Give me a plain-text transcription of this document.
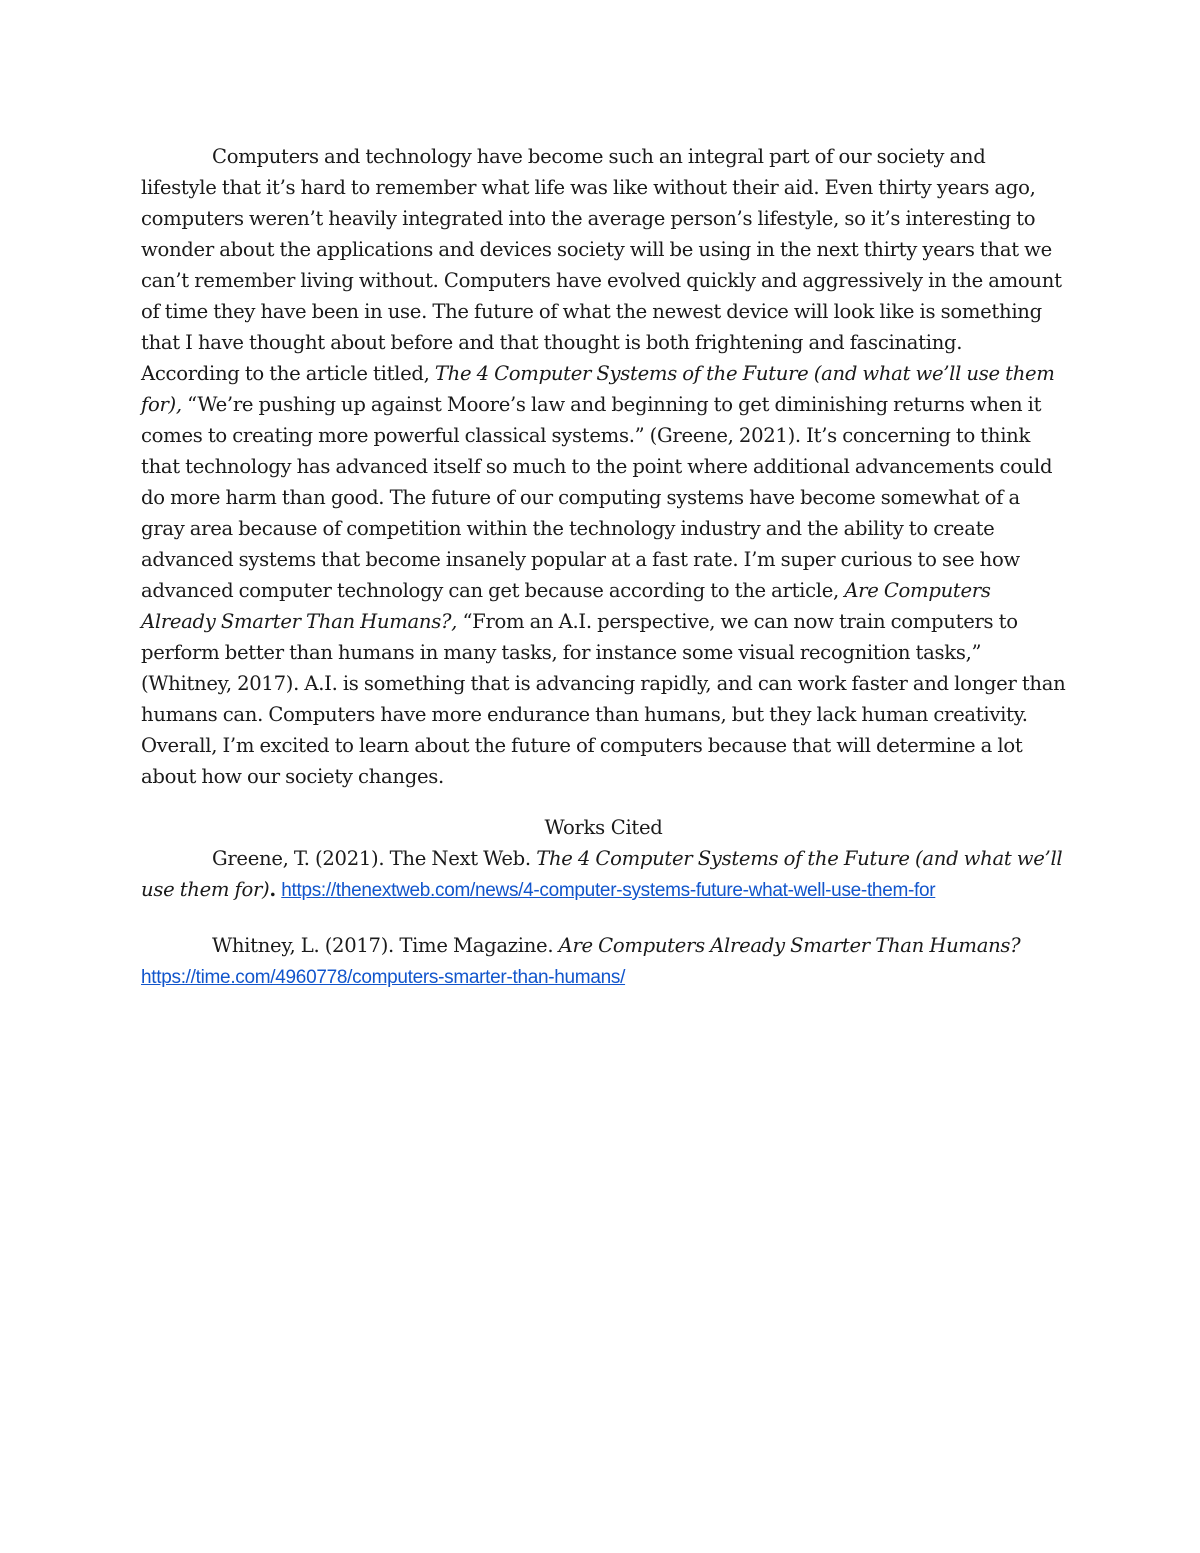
Computers and technology have become such an integral part of our society and lifestyle that it’s hard to remember what life was like without their aid. Even thirty years ago, computers weren’t heavily integrated into the average person’s lifestyle, so it’s interesting to wonder about the applications and devices society will be using in the next thirty years that we can’t remember living without. Computers have evolved quickly and aggressively in the amount of time they have been in use. The future of what the newest device will look like is something that I have thought about before and that thought is both frightening and fascinating. According to the article titled, The 4 Computer Systems of the Future (and what we’ll use them for), “We’re pushing up against Moore’s law and beginning to get diminishing returns when it comes to creating more powerful classical systems.” (Greene, 2021). It’s concerning to think that technology has advanced itself so much to the point where additional advancements could do more harm than good. The future of our computing systems have become somewhat of a gray area because of competition within the technology industry and the ability to create advanced systems that become insanely popular at a fast rate. I’m super curious to see how advanced computer technology can get because according to the article, Are Computers Already Smarter Than Humans?, “From an A.I. perspective, we can now train computers to perform better than humans in many tasks, for instance some visual recognition tasks,” (Whitney, 2017). A.I. is something that is advancing rapidly, and can work faster and longer than humans can. Computers have more endurance than humans, but they lack human creativity. Overall, I’m excited to learn about the future of computers because that will determine a lot about how our society changes.

Works Cited

Greene, T. (2021). The Next Web. The 4 Computer Systems of the Future (and what we’ll use them for). https://thenextweb.com/news/4-computer-systems-future-what-well-use-them-for

Whitney, L. (2017). Time Magazine. Are Computers Already Smarter Than Humans? https://time.com/4960778/computers-smarter-than-humans/
